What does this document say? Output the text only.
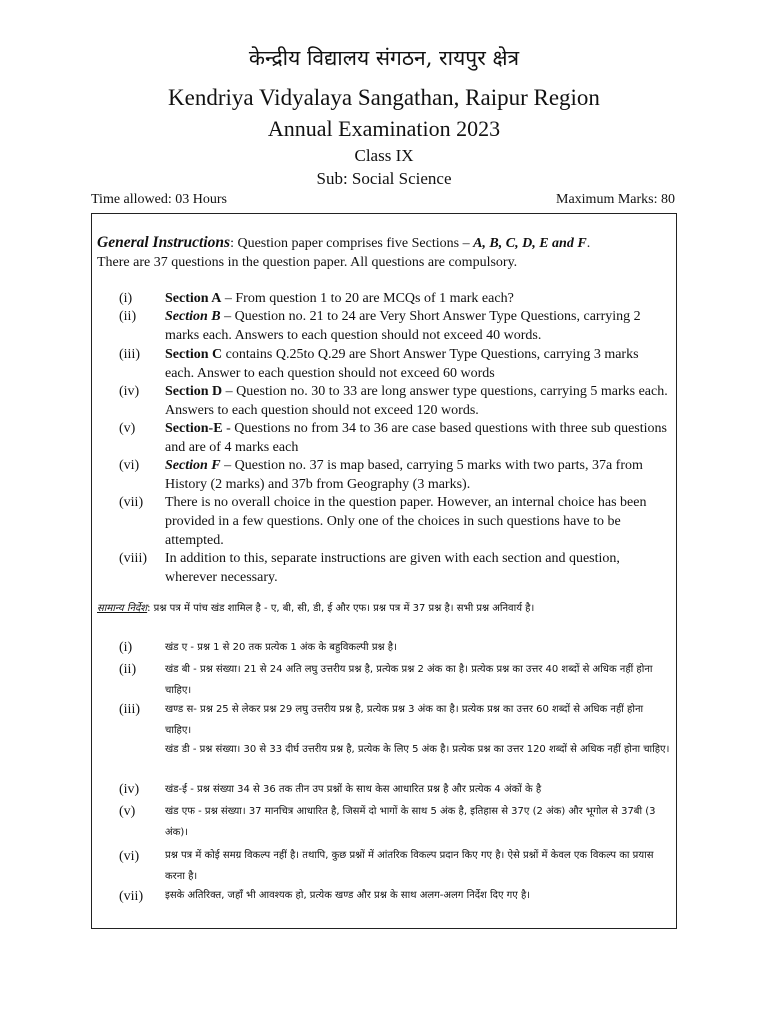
केन्द्रीय विद्यालय संगठन, रायपुर क्षेत्र
Kendriya Vidyalaya Sangathan, Raipur Region
Annual Examination 2023
Class IX
Sub: Social Science
Time allowed: 03 Hours	Maximum Marks: 80
General Instructions: Question paper comprises five Sections – A, B, C, D, E and F.
There are 37 questions in the question paper. All questions are compulsory.
(i) Section A – From question 1 to 20 are MCQs of 1 mark each?
(ii) Section B – Question no. 21 to 24 are Very Short Answer Type Questions, carrying 2 marks each. Answers to each question should not exceed 40 words.
(iii) Section C contains Q.25to Q.29 are Short Answer Type Questions, carrying 3 marks each. Answer to each question should not exceed 60 words
(iv) Section D – Question no. 30 to 33 are long answer type questions, carrying 5 marks each. Answers to each question should not exceed 120 words.
(v) Section-E - Questions no from 34 to 36 are case based questions with three sub questions and are of 4 marks each
(vi) Section F – Question no. 37 is map based, carrying 5 marks with two parts, 37a from History (2 marks) and 37b from Geography (3 marks).
(vii) There is no overall choice in the question paper. However, an internal choice has been provided in a few questions. Only one of the choices in such questions have to be attempted.
(viii) In addition to this, separate instructions are given with each section and question, wherever necessary.
सामान्य निर्देश: प्रश्न पत्र में पांच खंड शामिल है - ए, बी, सी, डी, ई और एफ। प्रश्न पत्र में 37 प्रश्न है। सभी प्रश्न अनिवार्य है।
(i)	खंड ए - प्रश्न 1 से 20 तक प्रत्येक 1 अंक के बहुविकल्पी प्रश्न है।
(ii)	खंड बी - प्रश्न संख्या। 21 से 24 अति लघु उत्तरीय प्रश्न है, प्रत्येक प्रश्न 2 अंक का है। प्रत्येक प्रश्न का उत्तर 40 शब्दों से अधिक नहीं होना चाहिए।
(iii)	खण्ड स- प्रश्न 25 से लेकर प्रश्न 29 लघु उत्तरीय प्रश्न है, प्रत्येक प्रश्न 3 अंक का है। प्रत्येक प्रश्न का उत्तर 60 शब्दों से अधिक नहीं होना चाहिए।
खंड डी - प्रश्न संख्या। 30 से 33 दीर्घ उत्तरीय प्रश्न है, प्रत्येक के लिए 5 अंक है। प्रत्येक प्रश्न का उत्तर 120 शब्दों से अधिक नहीं होना चाहिए।
(iv)	खंड-ई - प्रश्न संख्या 34 से 36 तक तीन उप प्रश्नों के साथ केस आधारित प्रश्न है और प्रत्येक 4 अंकों के है
(v)	खंड एफ - प्रश्न संख्या। 37 मानचित्र आधारित है, जिसमें दो भागों के साथ 5 अंक है, इतिहास से 37ए (2 अंक) और भूगोल से 37बी (3 अंक)।
(vi)	प्रश्न पत्र में कोई समग्र विकल्प नहीं है। तथापि, कुछ प्रश्नों में आंतरिक विकल्प प्रदान किए गए है। ऐसे प्रश्नों में केवल एक विकल्प का प्रयास करना है।
(vii) इसके अतिरिक्त, जहाँ भी आवश्यक हो, प्रत्येक खण्ड और प्रश्न के साथ अलग-अलग निर्देश दिए गए है।
